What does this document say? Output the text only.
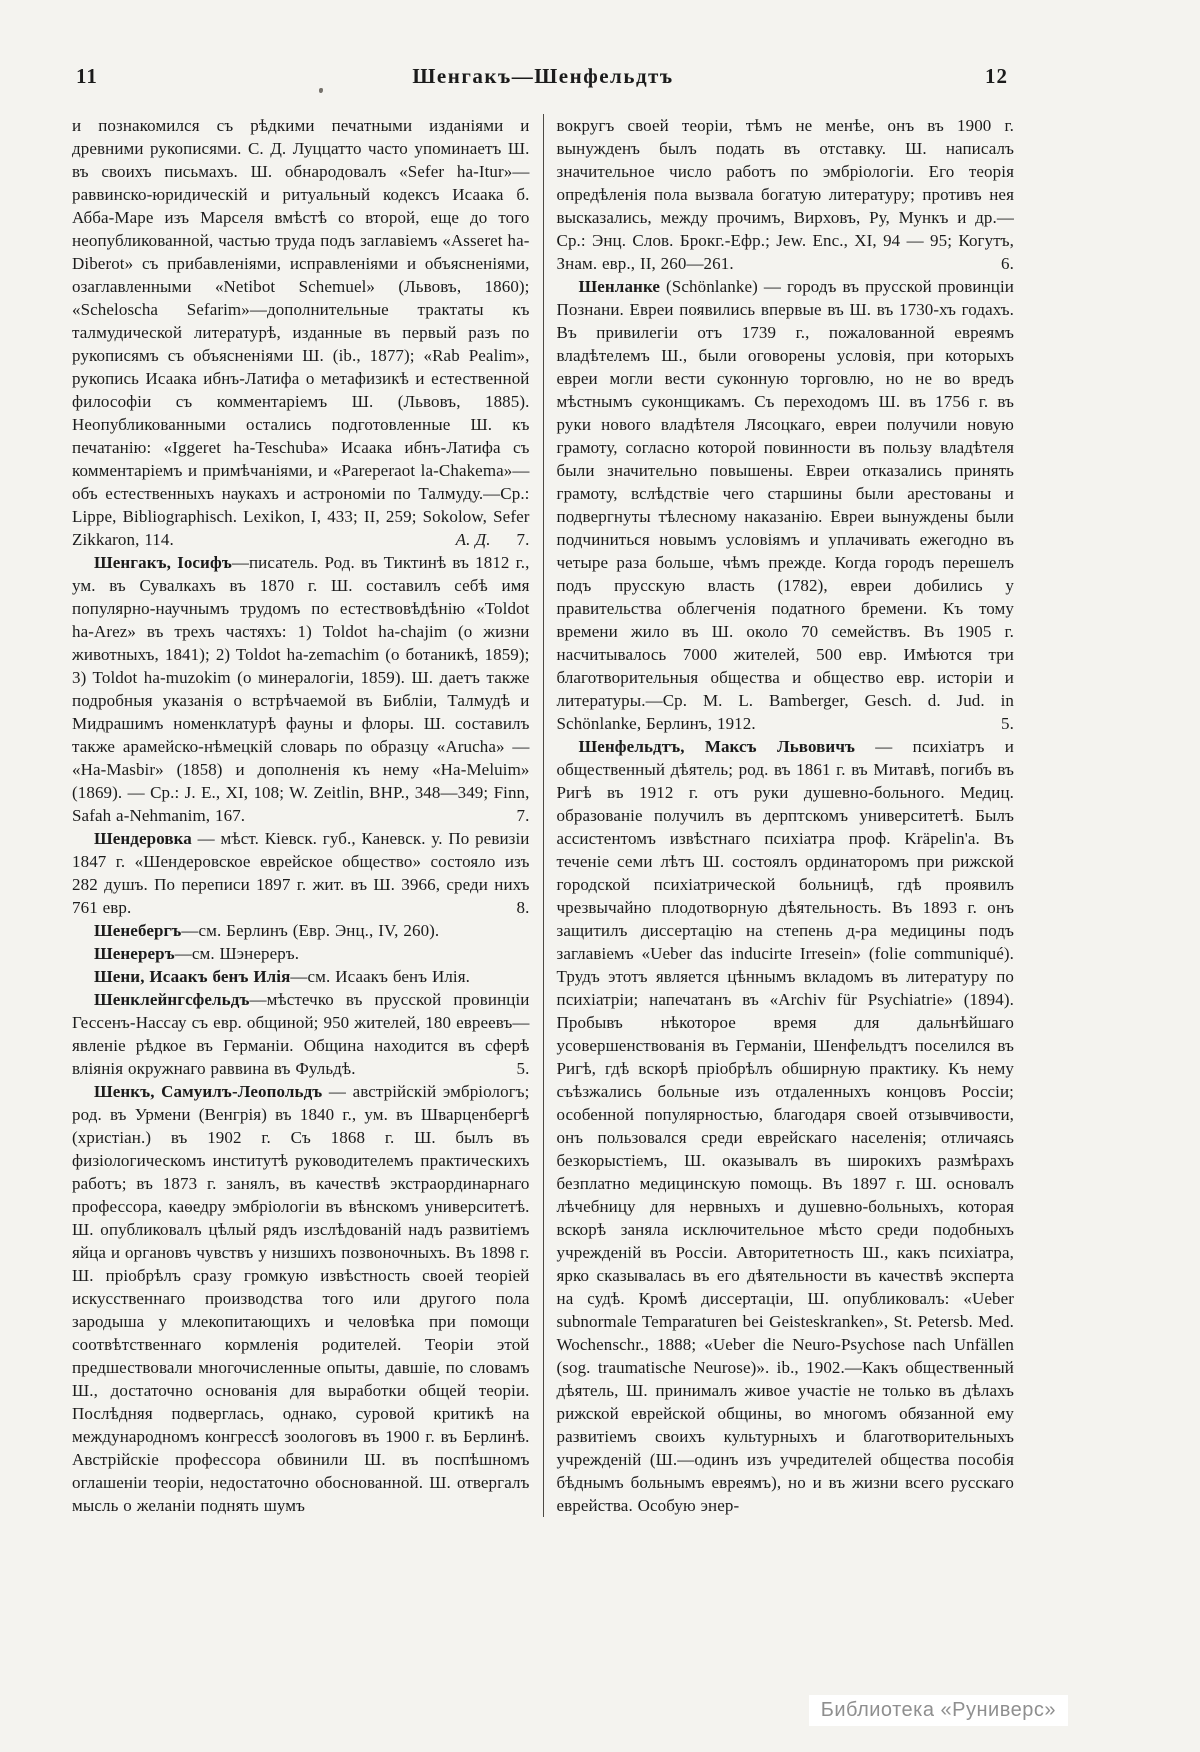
11	Шенгакъ—Шенфельдтъ	12

и познакомился съ рѣдкими печатными изданіями и древними рукописями. С. Д. Луццатто часто упоминаетъ Ш. въ своихъ письмахъ. Ш. обнародовалъ «Sefer ha-Itur»—раввинско-юридическій и ритуальный кодексъ Исаака б. Абба-Маре изъ Марселя вмѣстѣ со второй, еще до того неопубликованной, частью труда подъ заглавіемъ «Asseret ha-Diberot» съ прибавленіями, исправленіями и объясненіями, озаглавленными «Netibot Schemuel» (Львовъ, 1860); «Scheloscha Sefarim»—дополнительные трактаты къ талмудической литературѣ, изданные въ первый разъ по рукописямъ съ объясненіями Ш. (ib., 1877); «Rab Pealim», рукопись Исаака ибнъ-Латифа о метафизикѣ и естественной философіи съ комментаріемъ Ш. (Львовъ, 1885). Неопубликованными остались подготовленные Ш. къ печатанію: «Iggeret ha-Teschuba» Исаака ибнъ-Латифа съ комментаріемъ и примѣчаніями, и «Pareperaot la-Chakema»—объ естественныхъ наукахъ и астрономіи по Талмуду.—Ср.: Lippe, Bibliographisch. Lexikon, I, 433; II, 259; Sokolow, Sefer Zikkaron, 114.	А. Д. 7.

Шенгакъ, Іосифъ—писатель. Род. въ Тиктинѣ въ 1812 г., ум. въ Сувалкахъ въ 1870 г. Ш. составилъ себѣ имя популярно-научнымъ трудомъ по естествовѣдѣнію «Toldot ha-Arez» въ трехъ частяхъ: 1) Toldot ha-chajim (о жизни животныхъ, 1841); 2) Toldot ha-zemachim (о ботаникѣ, 1859); 3) Toldot ha-muzokim (о минералогіи, 1859). Ш. даетъ также подробныя указанія о встрѣчаемой въ Библіи, Талмудѣ и Мидрашимъ номенклатурѣ фауны и флоры. Ш. составилъ также арамейско-нѣмецкій словарь по образцу «Arucha» — «Ha-Masbir» (1858) и дополненія къ нему «Ha-Meluim» (1869). — Ср.: J. E., XI, 108; W. Zeitlin, BHP., 348—349; Finn, Safah a-Nehmanim, 167.	7.

Шендеровка — мѣст. Кіевск. губ., Каневск. у. По ревизіи 1847 г. «Шендеровское еврейское общество» состояло изъ 282 душъ. По переписи 1897 г. жит. въ Ш. 3966, среди нихъ 761 евр.	8.

Шенебергъ—см. Берлинъ (Евр. Энц., IV, 260).

Шенереръ—см. Шэнереръ.

Шени, Исаакъ бенъ Илія—см. Исаакъ бенъ Илія.

Шенклейнгсфельдъ—мѣстечко въ прусской провинціи Гессенъ-Нассау съ евр. общиной; 950 жителей, 180 евреевъ—явленіе рѣдкое въ Германіи. Община находится въ сферѣ вліянія окружнаго раввина въ Фульдѣ.	5.

Шенкъ, Самуилъ-Леопольдъ — австрійскій эмбріологъ; род. въ Урмени (Венгрія) въ 1840 г., ум. въ Шварценбергѣ (христіан.) въ 1902 г. Съ 1868 г. Ш. былъ въ физіологическомъ институтѣ руководителемъ практическихъ работъ; въ 1873 г. занялъ, въ качествѣ экстраординарнаго профессора, каѳедру эмбріологіи въ вѣнскомъ университетѣ. Ш. опубликовалъ цѣлый рядъ изслѣдованій надъ развитіемъ яйца и органовъ чувствъ у низшихъ позвоночныхъ. Въ 1898 г. Ш. пріобрѣлъ сразу громкую извѣстность своей теоріей искусственнаго производства того или другого пола зародыша у млекопитающихъ и человѣка при помощи соотвѣтственнаго кормленія родителей. Теоріи этой предшествовали многочисленные опыты, давшіе, по словамъ Ш., достаточно основанія для выработки общей теоріи. Послѣдняя подверглась, однако, суровой критикѣ на международномъ конгрессѣ зоологовъ въ 1900 г. въ Берлинѣ. Австрійскіе профессора обвинили Ш. въ поспѣшномъ оглашеніи теоріи, недостаточно обоснованной. Ш. отвергалъ мысль о желаніи поднять шумъ

вокругъ своей теоріи, тѣмъ не менѣе, онъ въ 1900 г. вынужденъ былъ подать въ отставку. Ш. написалъ значительное число работъ по эмбріологіи. Его теорія опредѣленія пола вызвала богатую литературу; противъ нея высказались, между прочимъ, Вирховъ, Ру, Мункъ и др.—Ср.: Энц. Слов. Брокг.-Ефр.; Jew. Enc., XI, 94 — 95; Когутъ, Знам. евр., II, 260—261.	6.

Шенланке (Schönlanke) — городъ въ прусской провинціи Познани. Евреи появились впервые въ Ш. въ 1730-хъ годахъ. Въ привилегіи отъ 1739 г., пожалованной евреямъ владѣтелемъ Ш., были оговорены условія, при которыхъ евреи могли вести суконную торговлю, но не во вредъ мѣстнымъ суконщикамъ. Съ переходомъ Ш. въ 1756 г. въ руки нового владѣтеля Лясоцкаго, евреи получили новую грамоту, согласно которой повинности въ пользу владѣтеля были значительно повышены. Евреи отказались принять грамоту, вслѣдствіе чего старшины были арестованы и подвергнуты тѣлесному наказанію. Евреи вынуждены были подчиниться новымъ условіямъ и уплачивать ежегодно въ четыре раза больше, чѣмъ прежде. Когда городъ перешелъ подъ прусскую власть (1782), евреи добились у правительства облегченія податного бремени. Къ тому времени жило въ Ш. около 70 семействъ. Въ 1905 г. насчитывалось 7000 жителей, 500 евр. Имѣются три благотворительныя общества и общество евр. исторіи и литературы.—Ср. M. L. Bamberger, Gesch. d. Jud. in Schönlanke, Берлинъ, 1912.	5.

Шенфельдтъ, Максъ Львовичъ — психіатръ и общественный дѣятель; род. въ 1861 г. въ Митавѣ, погибъ въ Ригѣ въ 1912 г. отъ руки душевно-больного. Медиц. образованіе получилъ въ дерптскомъ университетѣ. Былъ ассистентомъ извѣстнаго психіатра проф. Kräpelin'a. Въ теченіе семи лѣтъ Ш. состоялъ ординаторомъ при рижской городской психіатрической больницѣ, гдѣ проявилъ чрезвычайно плодотворную дѣятельность. Въ 1893 г. онъ защитилъ диссертацію на степень д-ра медицины подъ заглавіемъ «Ueber das inducirte Irresein» (folie communiqué). Трудъ этотъ является цѣннымъ вкладомъ въ литературу по психіатріи; напечатанъ въ «Archiv für Psychiatrie» (1894). Пробывъ нѣкоторое время для дальнѣйшаго усовершенствованія въ Германіи, Шенфельдтъ поселился въ Ригѣ, гдѣ вскорѣ пріобрѣлъ обширную практику. Къ нему съѣзжались больные изъ отдаленныхъ концовъ Россіи; особенной популярностью, благодаря своей отзывчивости, онъ пользовался среди еврейскаго населенія; отличаясь безкорыстіемъ, Ш. оказывалъ въ широкихъ размѣрахъ безплатно медицинскую помощь. Въ 1897 г. Ш. основалъ лѣчебницу для нервныхъ и душевно-больныхъ, которая вскорѣ заняла исключительное мѣсто среди подобныхъ учрежденій въ Россіи. Авторитетность Ш., какъ психіатра, ярко сказывалась въ его дѣятельности въ качествѣ эксперта на судѣ. Кромѣ диссертаціи, Ш. опубликовалъ: «Ueber subnormale Temparaturen bei Geisteskranken», St. Petersb. Med. Wochenschr., 1888; «Ueber die Neuro-Psychose nach Unfällen (sog. traumatische Neurose)». ib., 1902.—Какъ общественный дѣятель, Ш. принималъ живое участіе не только въ дѣлахъ рижской еврейской общины, во многомъ обязанной ему развитіемъ своихъ культурныхъ и благотворительныхъ учрежденій (Ш.—одинъ изъ учредителей общества пособія бѣднымъ больнымъ евреямъ), но и въ жизни всего русскаго еврейства. Особую энер-

Библиотека «Руниверс»
